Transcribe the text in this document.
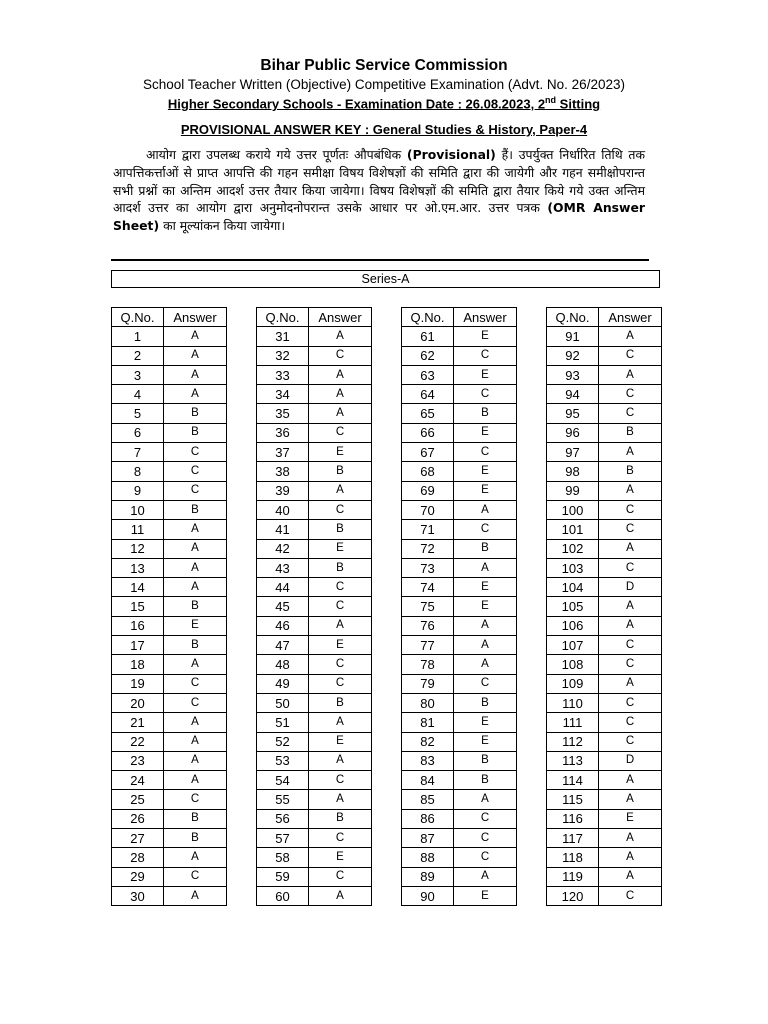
Bihar Public Service Commission
School Teacher Written (Objective) Competitive Examination (Advt. No. 26/2023)
Higher Secondary Schools - Examination Date : 26.08.2023, 2nd Sitting
PROVISIONAL ANSWER KEY : General Studies & History, Paper-4
आयोग द्वारा उपलब्ध कराये गये उत्तर पूर्णतः औपबंधिक (Provisional) हैं। उपर्युक्त निर्धारित तिथि तक आपत्तिकर्त्ताओं से प्राप्त आपत्ति की गहन समीक्षा विषय विशेषज्ञों की समिति द्वारा की जायेगी और गहन समीक्षोपरान्त सभी प्रश्नों का अन्तिम आदर्श उत्तर तैयार किया जायेगा। विषय विशेषज्ञों की समिति द्वारा तैयार किये गये उक्त अन्तिम आदर्श उत्तर का आयोग द्वारा अनुमोदनोपरान्त उसके आधार पर ओ.एम.आर. उत्तर पत्रक (OMR Answer Sheet) का मूल्यांकन किया जायेगा।
Series-A
Q.No.	Answer
1	A
2	A
3	A
4	A
5	B
6	B
7	C
8	C
9	C
10	B
11	A
12	A
13	A
14	A
15	B
16	E
17	B
18	A
19	C
20	C
21	A
22	A
23	A
24	A
25	C
26	B
27	B
28	A
29	C
30	A
Q.No.	Answer
31	A
32	C
33	A
34	A
35	A
36	C
37	E
38	B
39	A
40	C
41	B
42	E
43	B
44	C
45	C
46	A
47	E
48	C
49	C
50	B
51	A
52	E
53	A
54	C
55	A
56	B
57	C
58	E
59	C
60	A
Q.No.	Answer
61	E
62	C
63	E
64	C
65	B
66	E
67	C
68	E
69	E
70	A
71	C
72	B
73	A
74	E
75	E
76	A
77	A
78	A
79	C
80	B
81	E
82	E
83	B
84	B
85	A
86	C
87	C
88	C
89	A
90	E
Q.No.	Answer
91	A
92	C
93	A
94	C
95	C
96	B
97	A
98	B
99	A
100	C
101	C
102	A
103	C
104	D
105	A
106	A
107	C
108	C
109	A
110	C
111	C
112	C
113	D
114	A
115	A
116	E
117	A
118	A
119	A
120	C
